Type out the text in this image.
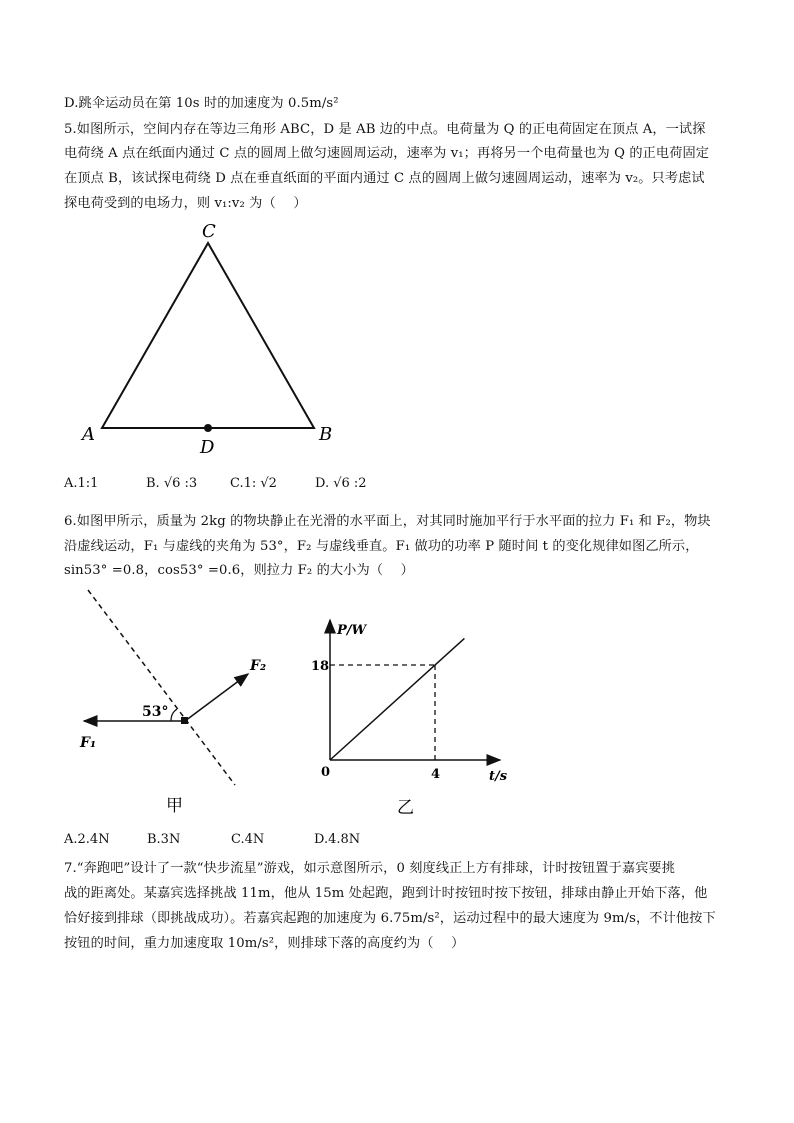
D.跳伞运动员在第 10s 时的加速度为 0.5m/s²
5.如图所示，空间内存在等边三角形 ABC，D 是 AB 边的中点。电荷量为 Q 的正电荷固定在顶点 A，一试探
电荷绕 A 点在纸面内通过 C 点的圆周上做匀速圆周运动，速率为 v₁；再将另一个电荷量也为 Q 的正电荷固定
在顶点 B，该试探电荷绕 D 点在垂直纸面的平面内通过 C 点的圆周上做匀速圆周运动，速率为 v₂。只考虑试
探电荷受到的电场力，则 v₁:v₂ 为（　 ）
C
A	B
D
A.1:1	B. √6 :3	C.1: √2	D. √6 :2
6.如图甲所示，质量为 2kg 的物块静止在光滑的水平面上，对其同时施加平行于水平面的拉力 F₁ 和 F₂，物块
沿虚线运动，F₁ 与虚线的夹角为 53°，F₂ 与虚线垂直。F₁ 做功的功率 P 随时间 t 的变化规律如图乙所示，
sin53° =0.8，cos53° =0.6，则拉力 F₂ 的大小为（　 ）
53°
F₁
F₂
甲
P/W
t/s
0
18
4
乙
A.2.4N	B.3N	C.4N	D.4.8N
7.“奔跑吧”设计了一款“快步流星”游戏，如示意图所示，0 刻度线正上方有排球，计时按钮置于嘉宾要挑
战的距离处。某嘉宾选择挑战 11m，他从 15m 处起跑，跑到计时按钮时按下按钮，排球由静止开始下落，他
恰好接到排球（即挑战成功）。若嘉宾起跑的加速度为 6.75m/s²，运动过程中的最大速度为 9m/s，不计他按下
按钮的时间，重力加速度取 10m/s²，则排球下落的高度约为（　 ）
